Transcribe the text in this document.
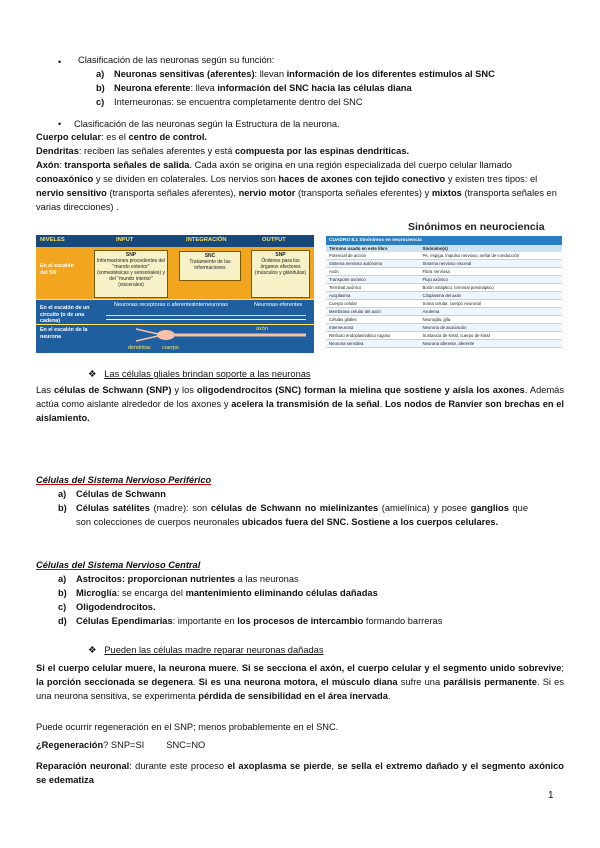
• Clasificación de las neuronas según su función:
a) Neuronas sensitivas (aferentes): llevan información de los diferentes estímulos al SNC
b) Neurona eferente: lleva información del SNC hacia las células diana
c) Interneuronas: se encuentra completamente dentro del SNC
• Clasificación de las neuronas según la Estructura de la neurona.
Cuerpo celular: es el centro de control.
Dendritas: reciben las señales aferentes y está compuesta por las espinas dendríticas.
Axón: transporta señales de salida. Cada axón se origina en una región especializada del cuerpo celular llamado conoaxónico y se dividen en colaterales. Los nervios son haces de axones con tejido conectivo y existen tres tipos: el nervio sensitivo (transporta señales aferentes), nervio motor (transporta señales eferentes) y mixtos (transporta señales en varias direcciones) .
NIVELES	INPUT	INTEGRACIÓN	OUTPUT
En el escalón del SN
SNP
Informaciones procedentes del "mundo exterior" (somestésicas y sensoriales) y del "mundo interior" (viscerales)
SNC
Tratamiento de las informaciones
SNP
Órdenes para los órganos efectores (músculos y glándulas)
En el escalón de un circuito (o de una cadena)
Neuronas receptoras o aferentes Interneuronas	Neuronas eferentes
En el escalón de la neurona
dendritas cuerpo
axón
Sinónimos en neurociencia
CUADRO 8.1 Sinónimos en neurociencia
Término usado en este libro	Sinónimo(s)
Potencial de acción	PA, espiga, impulso nervioso, señal de conducción
Sistema nervioso autónomo	Sistema nervioso visceral
Axón	Fibra nerviosa
Transporte axónico	Flujo axónico
Terminal axónico	Botón sináptico, terminal presináptico
Axoplasma	Citoplasma del axón
Cuerpo celular	Soma celular, cuerpo neuronal
Membrana celular del axón	Axolema
Células gliales	Neuroglia, glía
Interneurona	Neurona de asociación
Retículo endoplasmático rugoso	Sustancia de Nissl, cuerpo de Nissl
Neurona sensitiva	Neurona aferente, aferente
❖ Las células gliales brindan soporte a las neuronas
Las células de Schwann (SNP) y los oligodendrocitos (SNC) forman la mielina que sostiene y aísla los axones. Además actúa como aislante alrededor de los axones y acelera la transmisión de la señal. Los nodos de Ranvier son brechas en el aislamiento.
Células del Sistema Nervioso Periférico
a) Células de Schwann
b) Células satélites (madre): son células de Schwann no mielinizantes (amielínica) y posee ganglios que son colecciones de cuerpos neuronales ubicados fuera del SNC. Sostiene a los cuerpos celulares.
Células del Sistema Nervioso Central
a) Astrocitos: proporcionan nutrientes a las neuronas
b) Microglía: se encarga del mantenimiento eliminando células dañadas
c) Oligodendrocitos.
d) Células Ependimarias: importante en los procesos de intercambio formando barreras
❖ Pueden las células madre reparar neuronas dañadas
Si el cuerpo celular muere, la neurona muere. Si se secciona el axón, el cuerpo celular y el segmento unido sobrevive; la porción seccionada se degenera. Si es una neurona motora, el músculo diana sufre una parálisis permanente. Si es una neurona sensitiva, se experimenta pérdida de sensibilidad en el área inervada.
Puede ocurrir regeneración en el SNP; menos probablemente en el SNC.
¿Regeneración? SNP=SI SNC=NO
Reparación neuronal: durante este proceso el axoplasma se pierde, se sella el extremo dañado y el segmento axónico se edematiza
1
